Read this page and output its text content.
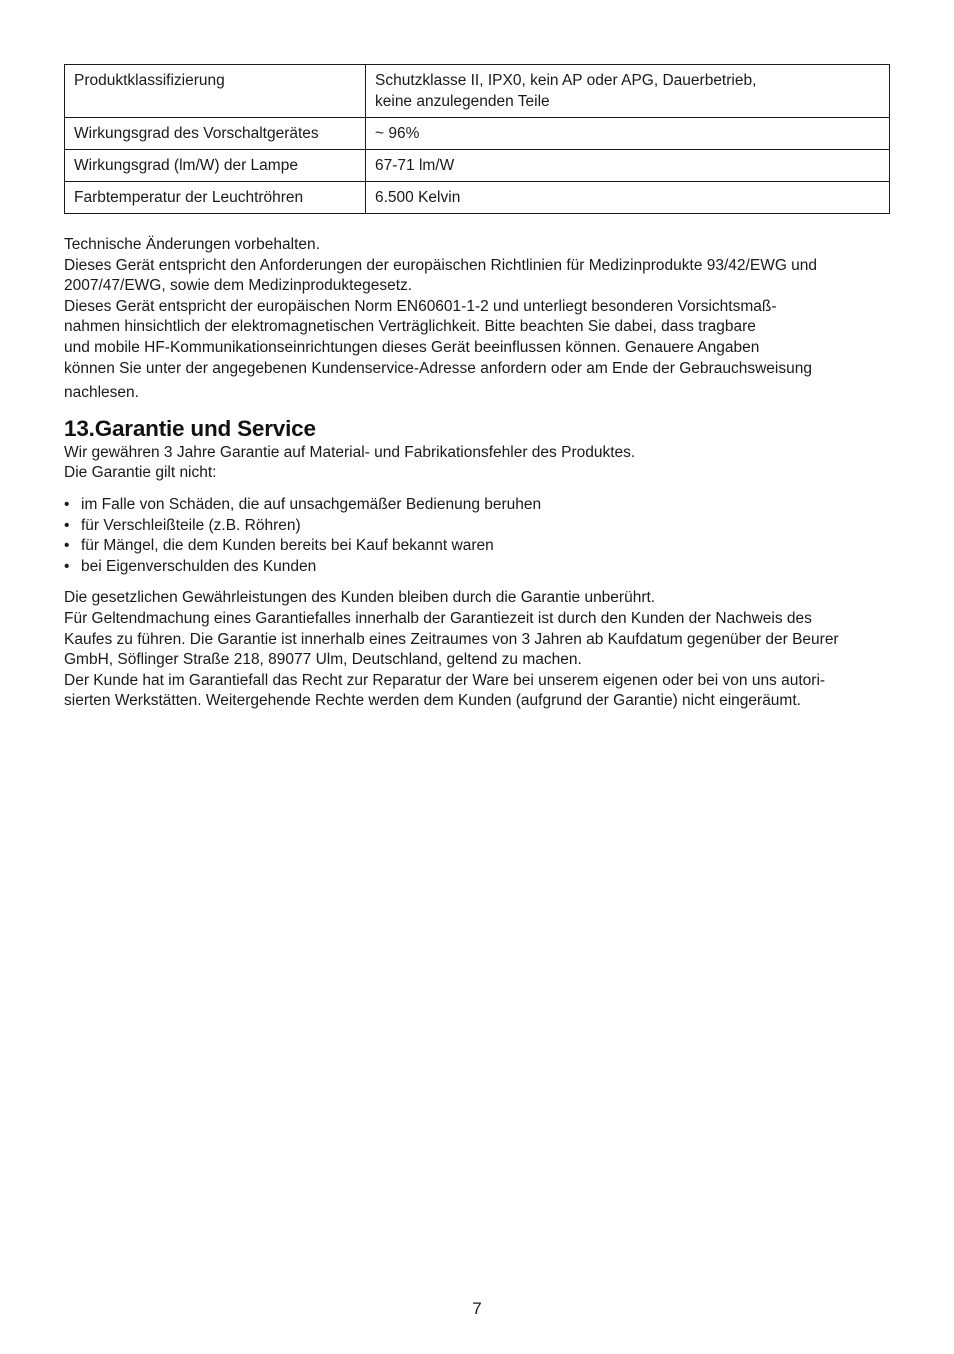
Produktklassifizierung	Schutzklasse II, IPX0, kein AP oder APG, Dauerbetrieb,
keine anzulegenden Teile

Wirkungsgrad des Vorschaltgerätes	~ 96%

Wirkungsgrad (lm/W) der Lampe	67-71 lm/W

Farbtemperatur der Leuchtröhren	6.500 Kelvin

Technische Änderungen vorbehalten.

Dieses Gerät entspricht den Anforderungen der europäischen Richtlinien für Medizinprodukte 93/42/EWG und

2007/47/EWG, sowie dem Medizinproduktegesetz.

Dieses Gerät entspricht der europäischen Norm EN60601-1-2 und unterliegt besonderen Vorsichtsmaß-

nahmen hinsichtlich der elektromagnetischen Verträglichkeit. Bitte beachten Sie dabei, dass tragbare

und mobile HF-Kommunikationseinrichtungen dieses Gerät beeinflussen können. Genauere Angaben

können Sie unter der angegebenen Kundenservice-Adresse anfordern oder am Ende der Gebrauchsweisung

nachlesen.

13.Garantie und Service

Wir gewähren 3 Jahre Garantie auf Material- und Fabrikationsfehler des Produktes.

Die Garantie gilt nicht:

• im Falle von Schäden, die auf unsachgemäßer Bedienung beruhen
• für Verschleißteile (z.B. Röhren)
• für Mängel, die dem Kunden bereits bei Kauf bekannt waren
• bei Eigenverschulden des Kunden

Die gesetzlichen Gewährleistungen des Kunden bleiben durch die Garantie unberührt.

Für Geltendmachung eines Garantiefalles innerhalb der Garantiezeit ist durch den Kunden der Nachweis des

Kaufes zu führen. Die Garantie ist innerhalb eines Zeitraumes von 3 Jahren ab Kaufdatum gegenüber der Beurer

GmbH, Söflinger Straße 218, 89077 Ulm, Deutschland, geltend zu machen.

Der Kunde hat im Garantiefall das Recht zur Reparatur der Ware bei unserem eigenen oder bei von uns autori-

sierten Werkstätten. Weitergehende Rechte werden dem Kunden (aufgrund der Garantie) nicht eingeräumt.

7
